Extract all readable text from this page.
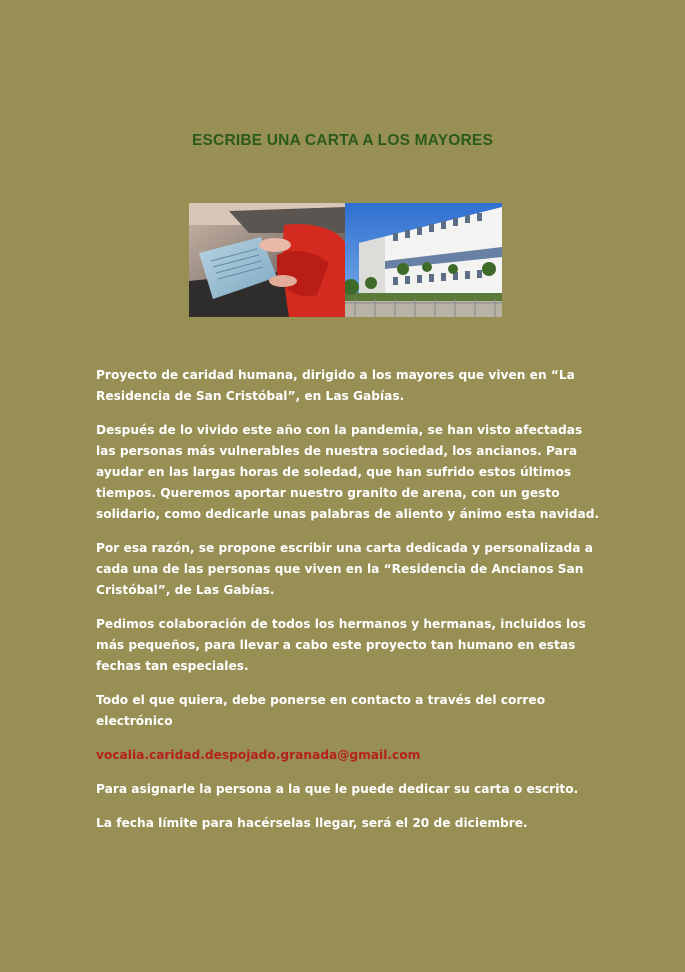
ESCRIBE UNA CARTA A LOS MAYORES

Proyecto de caridad humana, dirigido a los mayores que viven en “La Residencia de San Cristóbal”, en Las Gabías.

Después de lo vivido este año con la pandemia, se han visto afectadas las personas más vulnerables de nuestra sociedad, los ancianos. Para ayudar en las largas horas de soledad, que han sufrido estos últimos tiempos. Queremos aportar nuestro granito de arena, con un gesto solidario, como dedicarle unas palabras de aliento y ánimo esta navidad.

Por esa razón, se propone escribir una carta dedicada y personalizada a cada una de las personas que viven en la “Residencia de Ancianos San Cristóbal”, de Las Gabías.

Pedimos colaboración de todos los hermanos y hermanas, incluidos los más pequeños, para llevar a cabo este proyecto tan humano en estas fechas tan especiales.

Todo el que quiera, debe ponerse en contacto a través del correo electrónico

vocalia.caridad.despojado.granada@gmail.com

Para asignarle la persona a la que le puede dedicar su carta o escrito.

La fecha límite para hacérselas llegar, será el 20 de diciembre.
